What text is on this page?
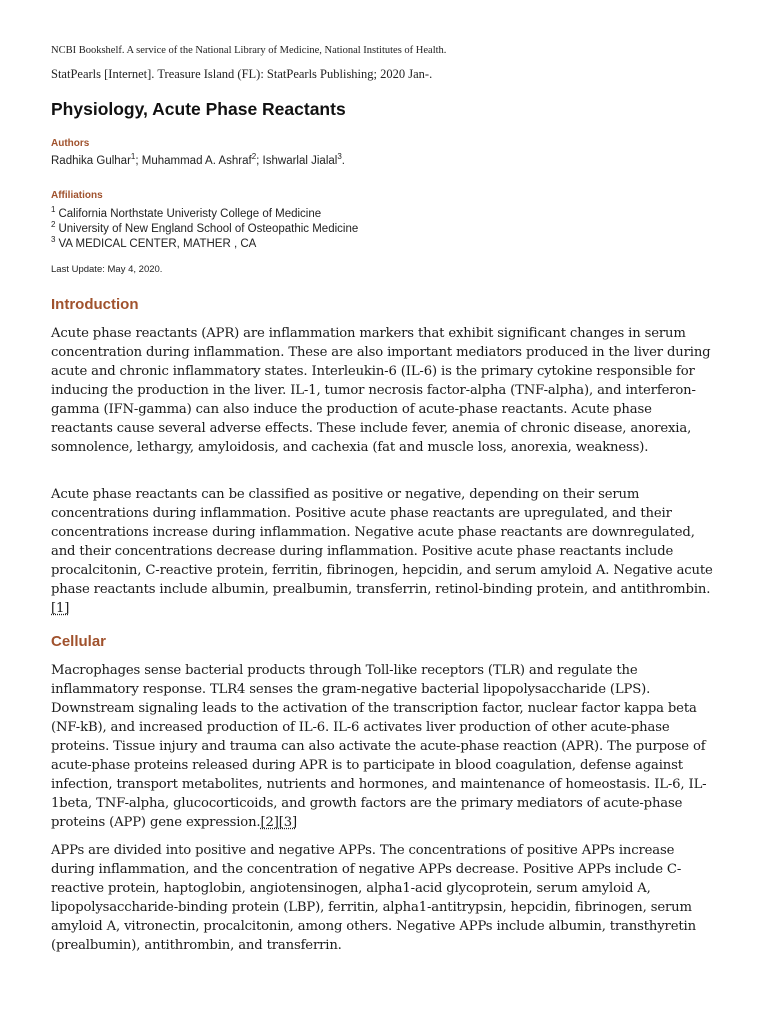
NCBI Bookshelf. A service of the National Library of Medicine, National Institutes of Health.
StatPearls [Internet]. Treasure Island (FL): StatPearls Publishing; 2020 Jan-.
Physiology, Acute Phase Reactants
Authors
Radhika Gulhar$^1$; Muhammad A. Ashraf$^2$; Ishwarlal Jialal$^3$.
Affiliations
$^1$ California Northstate Univeristy College of Medicine
$^2$ University of New England School of Osteopathic Medicine
$^3$ VA MEDICAL CENTER, MATHER , CA
Last Update: May 4, 2020.
Introduction

Acute phase reactants (APR) are inflammation markers that exhibit significant changes in serum concentration during inflammation. These are also important mediators produced in the liver during acute and chronic inflammatory states. Interleukin-6 (IL-6) is the primary cytokine responsible for inducing the production in the liver. IL-1, tumor necrosis factor-alpha (TNF-alpha), and interferon-gamma (IFN-gamma) can also induce the production of acute-phase reactants. Acute phase reactants cause several adverse effects. These include fever, anemia of chronic disease, anorexia, somnolence, lethargy, amyloidosis, and cachexia (fat and muscle loss, anorexia, weakness).

Acute phase reactants can be classified as positive or negative, depending on their serum concentrations during inflammation. Positive acute phase reactants are upregulated, and their concentrations increase during inflammation. Negative acute phase reactants are downregulated, and their concentrations decrease during inflammation. Positive acute phase reactants include procalcitonin, C-reactive protein, ferritin, fibrinogen, hepcidin, and serum amyloid A. Negative acute phase reactants include albumin, prealbumin, transferrin, retinol-binding protein, and antithrombin. [1]

Cellular

Macrophages sense bacterial products through Toll-like receptors (TLR) and regulate the inflammatory response. TLR4 senses the gram-negative bacterial lipopolysaccharide (LPS). Downstream signaling leads to the activation of the transcription factor, nuclear factor kappa beta (NF-kB), and increased production of IL-6. IL-6 activates liver production of other acute-phase proteins. Tissue injury and trauma can also activate the acute-phase reaction (APR). The purpose of acute-phase proteins released during APR is to participate in blood coagulation, defense against infection, transport metabolites, nutrients and hormones, and maintenance of homeostasis. IL-6, IL-1beta, TNF-alpha, glucocorticoids, and growth factors are the primary mediators of acute-phase proteins (APP) gene expression.[2][3]

APPs are divided into positive and negative APPs. The concentrations of positive APPs increase during inflammation, and the concentration of negative APPs decrease. Positive APPs include C-reactive protein, haptoglobin, angiotensinogen, alpha1-acid glycoprotein, serum amyloid A, lipopolysaccharide-binding protein (LBP), ferritin, alpha1-antitrypsin, hepcidin, fibrinogen, serum amyloid A, vitronectin, procalcitonin, among others. Negative APPs include albumin, transthyretin (prealbumin), antithrombin, and transferrin.
